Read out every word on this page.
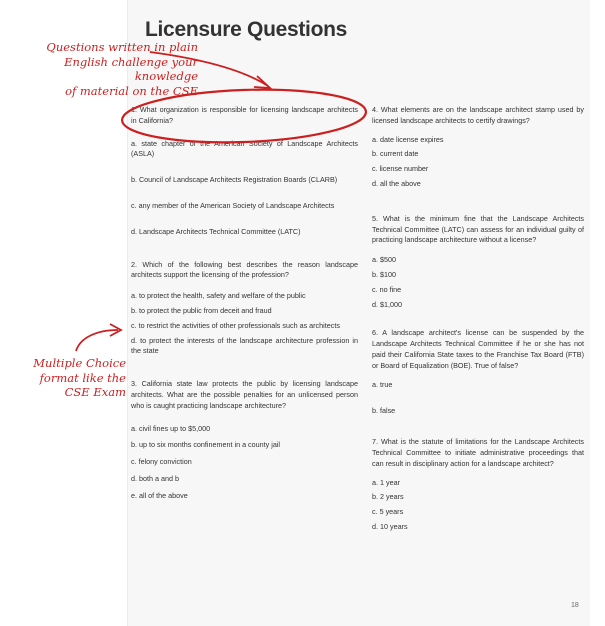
Licensure Questions

1. What organization is responsible for licensing landscape architects in California?

a. state chapter of the American Society of Landscape Architects (ASLA)
b. Council of Landscape Architects Registration Boards (CLARB)
c. any member of the American Society of Landscape Architects
d. Landscape Architects Technical Committee (LATC)

2. Which of the following best describes the reason landscape architects support the licensing of the profession?

a. to protect the health, safety and welfare of the public
b. to protect the public from deceit and fraud
c. to restrict the activities of other professionals such as architects
d. to protect the interests of the landscape architecture profession in the state

3. California state law protects the public by licensing landscape architects. What are the possible penalties for an unlicensed person who is caught practicing landscape architecture?

a. civil fines up to $5,000
b. up to six months confinement in a county jail
c. felony conviction
d. both a and b
e. all of the above

4. What elements are on the landscape architect stamp used by licensed landscape architects to certify drawings?

a. date license expires
b. current date
c. license number
d. all the above

5. What is the minimum fine that the Landscape Architects Technical Committee (LATC) can assess for an individual guilty of practicing landscape architecture without a license?

a. $500
b. $100
c. no fine
d. $1,000

6. A landscape architect's license can be suspended by the Landscape Architects Technical Committee if he or she has not paid their California State taxes to the Franchise Tax Board (FTB) or Board of Equalization (BOE). True of false?

a. true
b. false

7. What is the statute of limitations for the Landscape Architects Technical Committee to initiate administrative proceedings that can result in disciplinary action for a landscape architect?

a. 1 year
b. 2 years
c. 5 years
d. 10 years
18
Questions written in plain
English challenge your knowledge
of material on the CSE
Multiple Choice
format like the
CSE Exam
